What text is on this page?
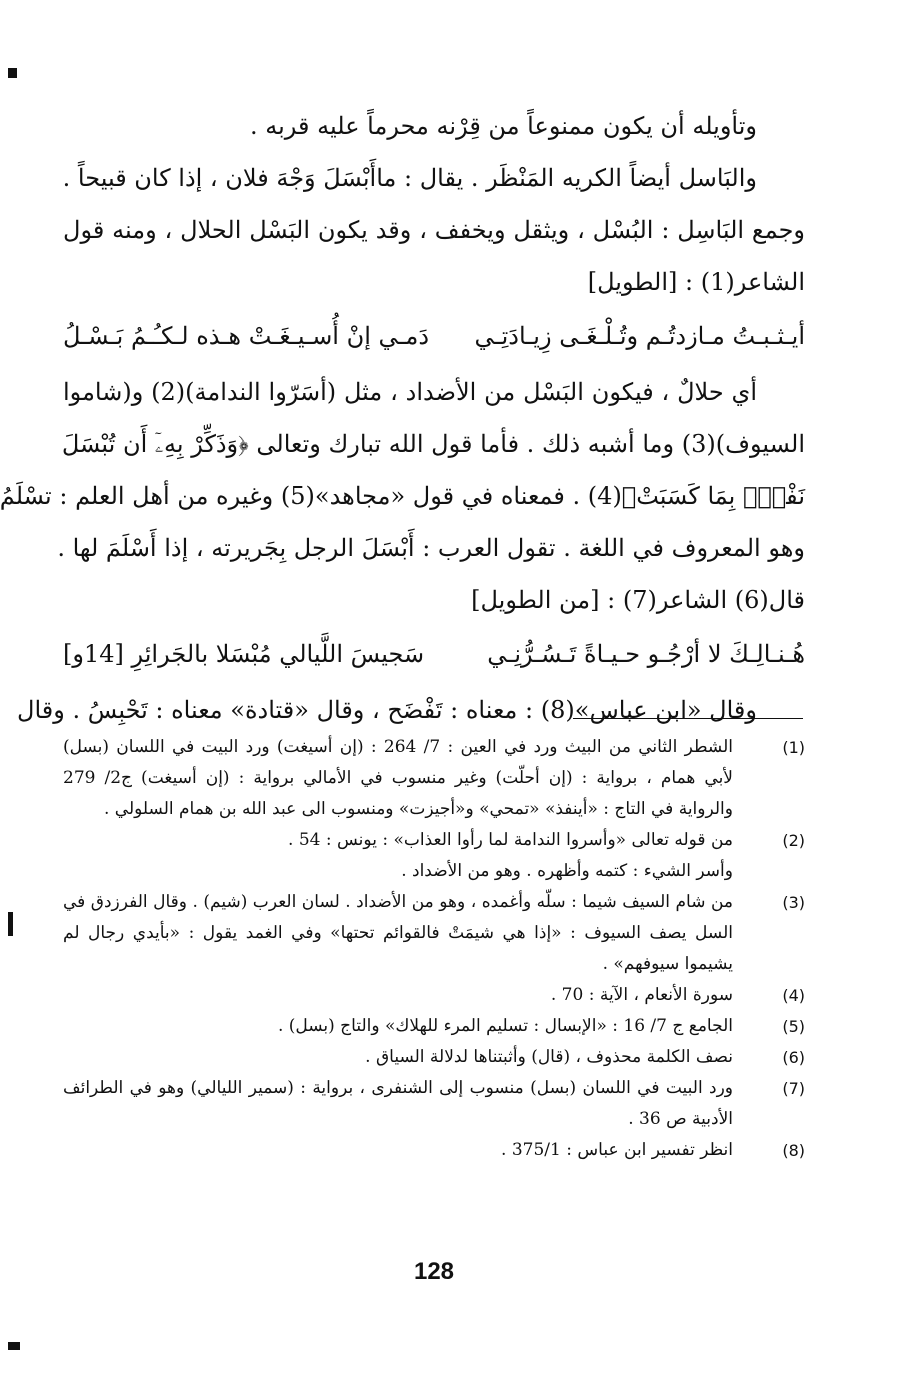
وتأويله أن يكون ممنوعاً من قِرْنه محرماً عليه قربه .
والبَاسل أيضاً الكريه المَنْظَر . يقال : ماأَبْسَلَ وَجْهَ فلان ، إذا كان قبيحاً .
وجمع البَاسِل : البُسْل ، ويثقل ويخفف ، وقد يكون البَسْل الحلال ، ومنه قول
الشاعر(1) : [الطويل]
أيـثـبـتُ مـازدتُـم وتُـلْـغَـى زِيـادَتِـي
دَمـي إنْ أُسـيـغَـتْ هـذه لـكـُـمُ بَـسْـلُ
أي حلالٌ ، فيكون البَسْل من الأضداد ، مثل (أسَرّوا الندامة)(2) و(شاموا
السيوف)(3) وما أشبه ذلك . فأما قول الله تبارك وتعالى ﴿وَذَكِّرْ بِهِۦٓ أَن تُبْسَلَ
نَفْسٌۢ بِمَا كَسَبَتْ﴾(4) . فمعناه في قول «مجاهد»(5) وغيره من أهل العلم : تسْلَمُ
وهو المعروف في اللغة . تقول العرب : أَبْسَلَ الرجل بِجَريرته ، إذا أَسْلَمَ لها .
قال(6) الشاعر(7) : [من الطويل]
هُـنـالِـكَ لا أرْجُـو حـيـاةً تَـسُـرُّنِـي
سَجيسَ اللَّيالي مُبْسَلا بالجَرائِرِ [14و]
وقال «ابن عباس»(8) : معناه : تَفْضَح ، وقال «قتادة» معناه : تَحْبِسُ . وقال
(1)
الشطر الثاني من البيث ورد في العين : 7/ 264 : (إن أسيغت) ورد البيت في اللسان (بسل) لأبي همام ، برواية : (إن أحلّت) وغير منسوب في الأمالي برواية : (إن أسيغت) ج2/ 279 والرواية في التاج : «أينفذ» «تمحي» و«أجيزت» ومنسوب الى عبد الله بن همام السلولي .
(2)
من قوله تعالى «وأسروا الندامة لما رأوا العذاب» : يونس : 54 .
وأسر الشيء : كتمه وأظهره . وهو من الأضداد .
(3)
من شام السيف شيما : سلّه وأغمده ، وهو من الأضداد . لسان العرب (شيم) . وقال الفرزدق في السل يصف السيوف : «إذا هي شيمَتْ فالقوائم تحتها» وفي الغمد يقول : «بأيدي رجال لم يشيموا سيوفهم» .
(4)
سورة الأنعام ، الآية : 70 .
(5)
الجامع ج 7/ 16 : «الإبسال : تسليم المرء للهلاك» والتاج (بسل) .
(6)
نصف الكلمة محذوف ، (قال) وأثبتناها لدلالة السياق .
(7)
ورد البيت في اللسان (بسل) منسوب إلى الشنفرى ، برواية : (سمير الليالي) وهو في الطرائف الأدبية ص 36 .
(8)
انظر تفسير ابن عباس : 375/1 .
128
